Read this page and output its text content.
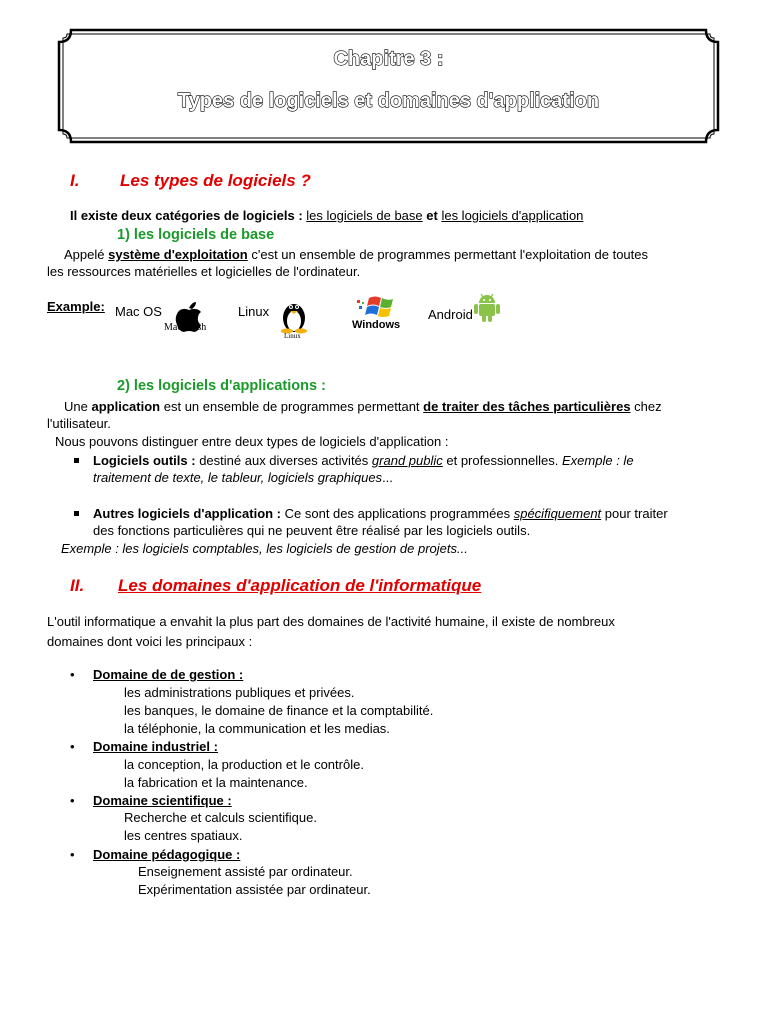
Chapitre 3 :
Types de logiciels et domaines d'application
I. Les types de logiciels ?
Il existe deux catégories de logiciels : les logiciels de base et les logiciels d'application
1) les logiciels de base
Appelé système d'exploitation c'est un ensemble de programmes permettant l'exploitation de toutes
les ressources matérielles et logicielles de l'ordinateur.
Example: Mac OS
Macintosh
Linux
Linux
Windows
Android
2) les logiciels d'applications :
Une application est un ensemble de programmes permettant de traiter des tâches particulières chez
l'utilisateur.
Nous pouvons distinguer entre deux types de logiciels d'application :
Logiciels outils : destiné aux diverses activités grand public et professionnelles. Exemple : le
traitement de texte, le tableur, logiciels graphiques...
Autres logiciels d'application : Ce sont des applications programmées spécifiquement pour traiter
des fonctions particulières qui ne peuvent être réalisé par les logiciels outils.
Exemple : les logiciels comptables, les logiciels de gestion de projets...
II. Les domaines d'application de l'informatique
L'outil informatique a envahit la plus part des domaines de l'activité humaine, il existe de nombreux
domaines dont voici les principaux :
• Domaine de de gestion :
les administrations publiques et privées.
les banques, le domaine de finance et la comptabilité.
la téléphonie, la communication et les medias.
• Domaine industriel :
la conception, la production et le contrôle.
la fabrication et la maintenance.
• Domaine scientifique :
Recherche et calculs scientifique.
les centres spatiaux.
• Domaine pédagogique :
Enseignement assisté par ordinateur.
Expérimentation assistée par ordinateur.
